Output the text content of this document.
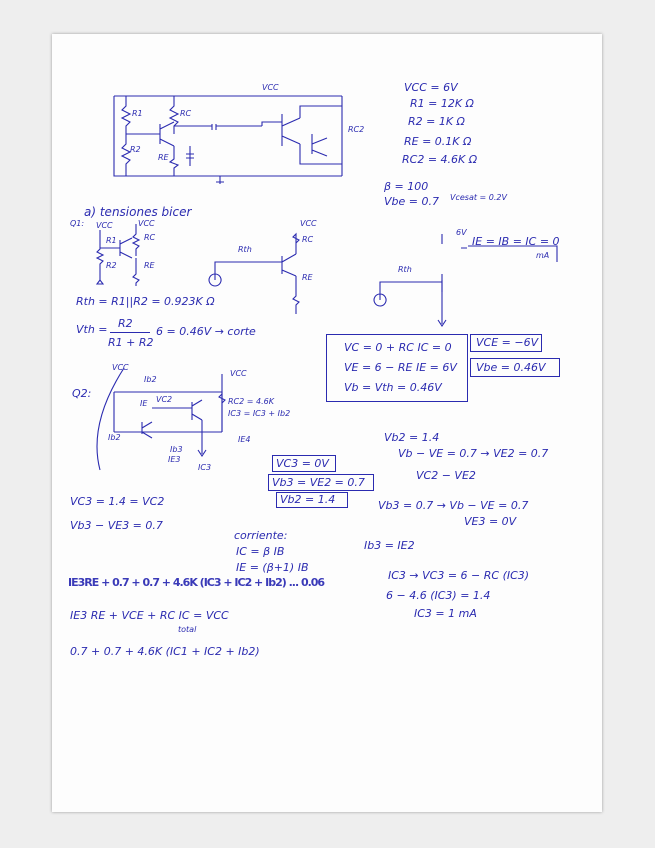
VCC = 6V
R1 = 12K Ω
R2 = 1K Ω
RE = 0.1K Ω
RC2 = 4.6K Ω
β = 100
Vbe = 0.7 Vcesat = 0.2V
VCC
R1	RC
R2
RE
RC2
a) tensiones bicer
Q1: VCC	VCC
R1	RC
R2	RE
Rth
VCC
RC
RE
6V
Rth
IE = IB = IC = 0
mA
Rth = R1||R2 = 0.923K Ω
Vth = R2
R1 + R2
6 = 0.46V → corte
VC = 0 + RC IC = 0
VE = 6 − RE IE = 6V
Vb = Vth = 0.46V
VCE = −6V
Vbe = 0.46V
Q2:
VCC
Ib2
VCC
IE VC2	RC2 = 4.6K
IC3 = IC3 + Ib2
Ib2
Ib3
IE3
IC3
IE4
VC3 = 0V
Vb3 = VE2 = 0.7
Vb2 = 1.4
Vb2 = 1.4
Vb − VE = 0.7 → VE2 = 0.7
VC2 − VE2
Vb3 = 0.7 → Vb − VE = 0.7
VE3 = 0V
VC3 = 1.4 = VC2
Vb3 − VE3 = 0.7
corriente:
IC = β IB
IE = (β+1) IB
Ib3 = IE2
IE3RE + 0.7 + 0.7 + 4.6K (IC3 + IC2 + Ib2) ... 0.06
IC3 → VC3 = 6 − RC (IC3)
6 − 4.6 (IC3) = 1.4
IC3 = 1 mA
IE3 RE + VCE + RC IC = VCC
total
0.7 + 0.7 + 4.6K (IC1 + IC2 + Ib2)
